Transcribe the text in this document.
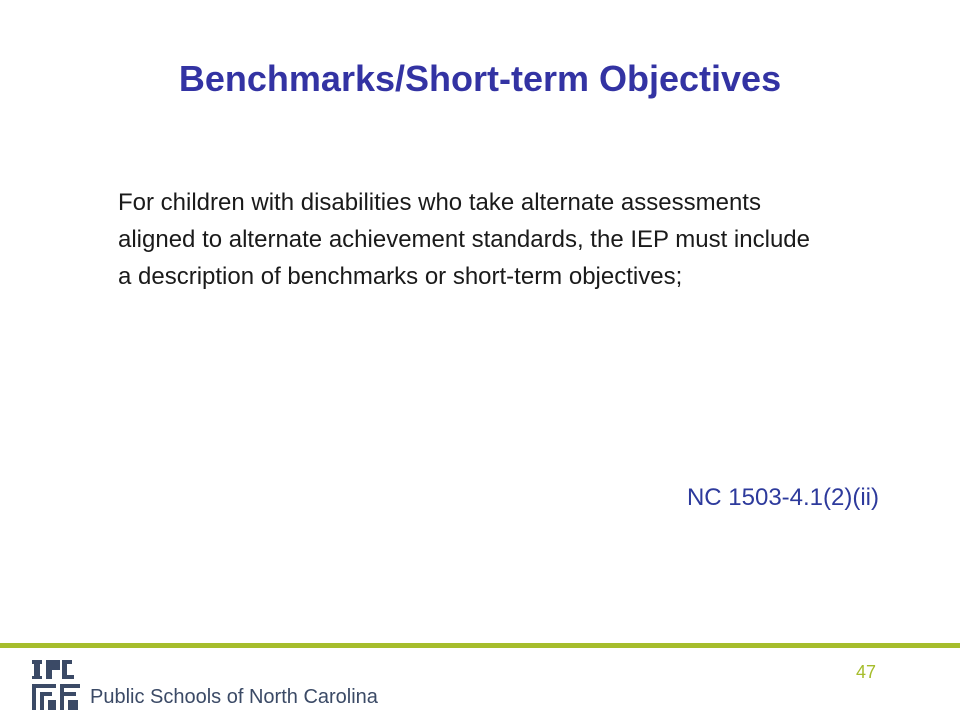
Benchmarks/Short-term Objectives
For children with disabilities who take alternate assessments aligned to alternate achievement standards, the IEP must include a description of benchmarks or short-term objectives;

NC 1503-4.1(2)(ii)

47
Public Schools of North Carolina
